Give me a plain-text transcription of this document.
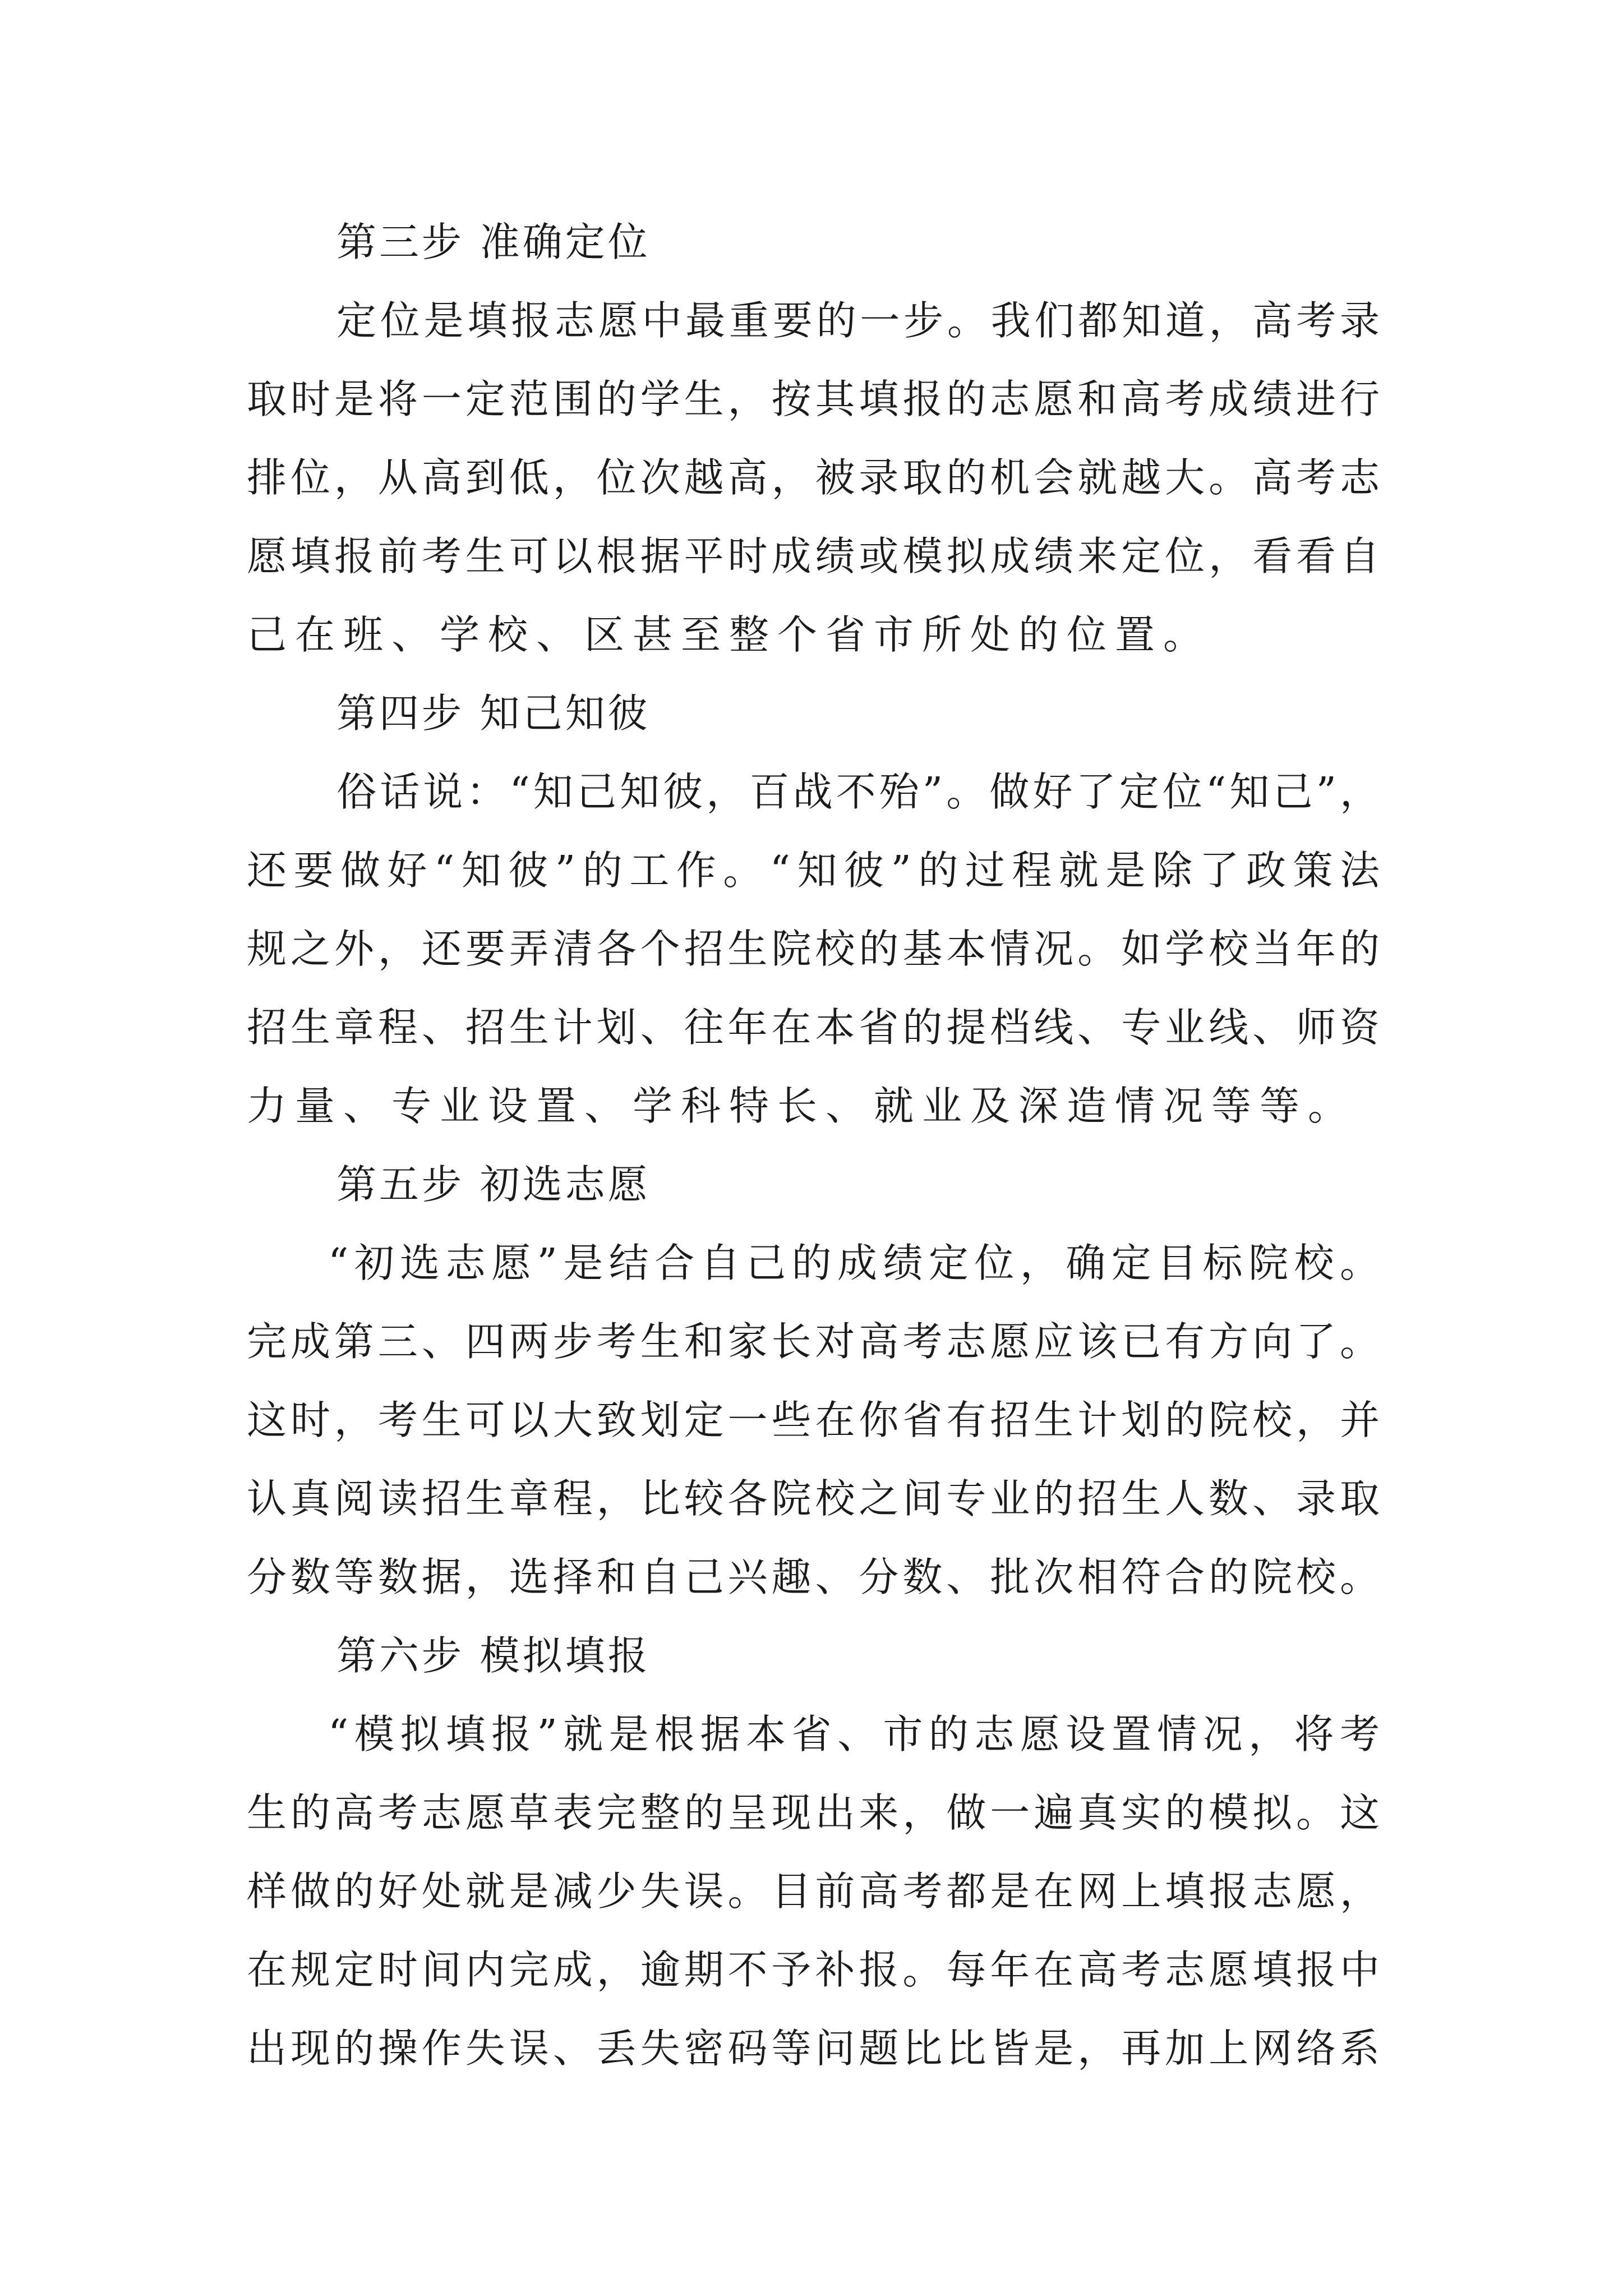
第三步 准确定位
定位是填报志愿中最重要的一步。我们都知道，高考录
取时是将一定范围的学生，按其填报的志愿和高考成绩进行
排位，从高到低，位次越高，被录取的机会就越大。高考志
愿填报前考生可以根据平时成绩或模拟成绩来定位，看看自
己在班、学校、区甚至整个省市所处的位置。
第四步 知己知彼
俗话说：“知己知彼，百战不殆”。做好了定位“知己”，
还要做好“知彼”的工作。“知彼”的过程就是除了政策法
规之外，还要弄清各个招生院校的基本情况。如学校当年的
招生章程、招生计划、往年在本省的提档线、专业线、师资
力量、专业设置、学科特长、就业及深造情况等等。
第五步 初选志愿
“初选志愿”是结合自己的成绩定位，确定目标院校。
完成第三、四两步考生和家长对高考志愿应该已有方向了。
这时，考生可以大致划定一些在你省有招生计划的院校，并
认真阅读招生章程，比较各院校之间专业的招生人数、录取
分数等数据，选择和自己兴趣、分数、批次相符合的院校。
第六步 模拟填报
“模拟填报”就是根据本省、市的志愿设置情况，将考
生的高考志愿草表完整的呈现出来，做一遍真实的模拟。这
样做的好处就是减少失误。目前高考都是在网上填报志愿，
在规定时间内完成，逾期不予补报。每年在高考志愿填报中
出现的操作失误、丢失密码等问题比比皆是，再加上网络系
